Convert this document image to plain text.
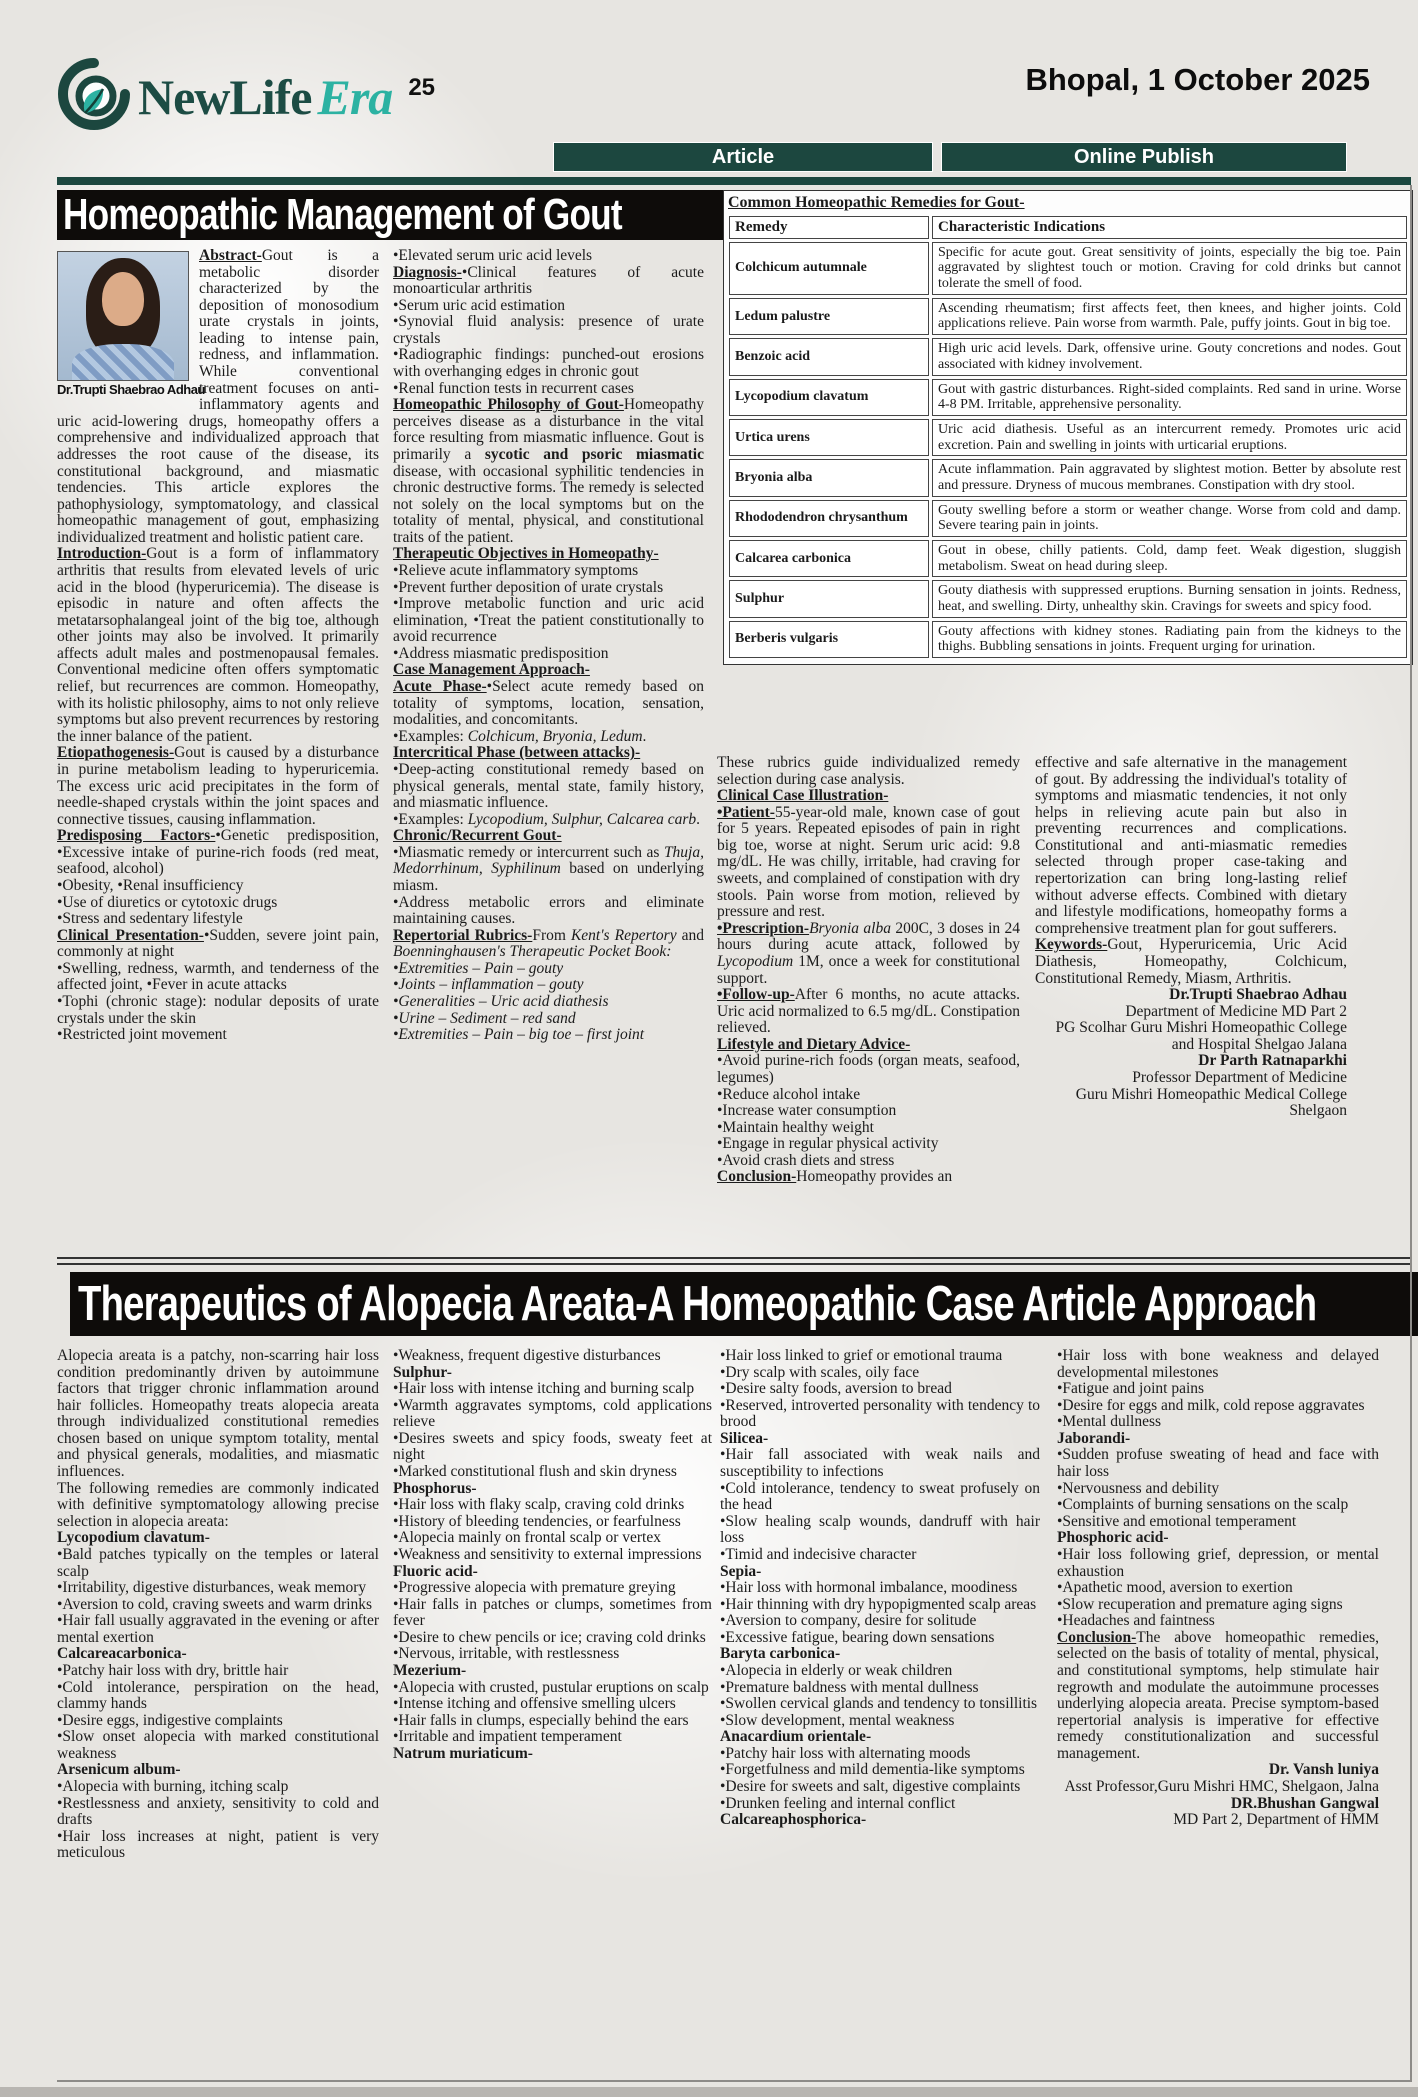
NewLife Era 25	Bhopal, 1 October 2025
Article	Online Publish
Homeopathic Management of Gout	Common Homeopathic Remedies for Gout-
Remedy	Characteristic Indications
Colchicum autumnale	Specific for acute gout. Great sensitivity of joints, especially the big toe. Pain aggravated by slightest touch or motion. Craving for cold drinks but cannot tolerate the smell of food.
Ledum palustre	Ascending rheumatism; first affects feet, then knees, and higher joints. Cold applications relieve. Pain worse from warmth. Pale, puffy joints. Gout in big toe.
Benzoic acid	High uric acid levels. Dark, offensive urine. Gouty concretions and nodes. Gout associated with kidney involvement.
Lycopodium clavatum	Gout with gastric disturbances. Right-sided complaints. Red sand in urine. Worse 4-8 PM. Irritable, apprehensive personality.
Urtica urens	Uric acid diathesis. Useful as an intercurrent remedy. Promotes uric acid excretion. Pain and swelling in joints with urticarial eruptions.
Bryonia alba	Acute inflammation. Pain aggravated by slightest motion. Better by absolute rest and pressure. Dryness of mucous membranes. Constipation with dry stool.
Rhododendron chrysanthum	Gouty swelling before a storm or weather change. Worse from cold and damp. Severe tearing pain in joints.
Calcarea carbonica	Gout in obese, chilly patients. Cold, damp feet. Weak digestion, sluggish metabolism. Sweat on head during sleep.
Sulphur	Gouty diathesis with suppressed eruptions. Burning sensation in joints. Redness, heat, and swelling. Dirty, unhealthy skin. Cravings for sweets and spicy food.
Berberis vulgaris	Gouty affections with kidney stones. Radiating pain from the kidneys to the thighs. Bubbling sensations in joints. Frequent urging for urination.
Dr.Trupti Shaebrao Adhau

Abstract-Gout is a metabolic disorder characterized by the deposition of monosodium urate crystals in joints, leading to intense pain, redness, and inflammation. While conventional treatment focuses on anti-inflammatory agents and uric acid-lowering drugs, homeopathy offers a comprehensive and individualized approach that addresses the root cause of the disease, its constitutional background, and miasmatic tendencies. This article explores the pathophysiology, symptomatology, and classical homeopathic management of gout, emphasizing individualized treatment and holistic patient care.

Introduction-Gout is a form of inflammatory arthritis that results from elevated levels of uric acid in the blood (hyperuricemia). The disease is episodic in nature and often affects the metatarsophalangeal joint of the big toe, although other joints may also be involved. It primarily affects adult males and postmenopausal females. Conventional medicine often offers symptomatic relief, but recurrences are common. Homeopathy, with its holistic philosophy, aims to not only relieve symptoms but also prevent recurrences by restoring the inner balance of the patient.

Etiopathogenesis-Gout is caused by a disturbance in purine metabolism leading to hyperuricemia. The excess uric acid precipitates in the form of needle-shaped crystals within the joint spaces and connective tissues, causing inflammation.

Predisposing Factors-•Genetic predisposition, •Excessive intake of purine-rich foods (red meat, seafood, alcohol)

•Obesity, •Renal insufficiency

•Use of diuretics or cytotoxic drugs

•Stress and sedentary lifestyle

Clinical Presentation-•Sudden, severe joint pain, commonly at night

•Swelling, redness, warmth, and tenderness of the affected joint, •Fever in acute attacks

•Tophi (chronic stage): nodular deposits of urate crystals under the skin

•Restricted joint movement

•Elevated serum uric acid levels

Diagnosis-•Clinical features of acute monoarticular arthritis

•Serum uric acid estimation

•Synovial fluid analysis: presence of urate crystals

•Radiographic findings: punched-out erosions with overhanging edges in chronic gout

•Renal function tests in recurrent cases

Homeopathic Philosophy of Gout-Homeopathy perceives disease as a disturbance in the vital force resulting from miasmatic influence. Gout is primarily a sycotic and psoric miasmatic disease, with occasional syphilitic tendencies in chronic destructive forms. The remedy is selected not solely on the local symptoms but on the totality of mental, physical, and constitutional traits of the patient.

Therapeutic Objectives in Homeopathy-

•Relieve acute inflammatory symptoms

•Prevent further deposition of urate crystals

•Improve metabolic function and uric acid elimination, •Treat the patient constitutionally to avoid recurrence

•Address miasmatic predisposition

Case Management Approach-

Acute Phase-•Select acute remedy based on totality of symptoms, location, sensation, modalities, and concomitants.

•Examples: Colchicum, Bryonia, Ledum.

Intercritical Phase (between attacks)-

•Deep-acting constitutional remedy based on physical generals, mental state, family history, and miasmatic influence.

•Examples: Lycopodium, Sulphur, Calcarea carb.

Chronic/Recurrent Gout-

•Miasmatic remedy or intercurrent such as Thuja, Medorrhinum, Syphilinum based on underlying miasm.

•Address metabolic errors and eliminate maintaining causes.

Repertorial Rubrics-From Kent's Repertory and Boenninghausen's Therapeutic Pocket Book:

•Extremities – Pain – gouty

•Joints – inflammation – gouty

•Generalities – Uric acid diathesis

•Urine – Sediment – red sand

•Extremities – Pain – big toe – first joint

These rubrics guide individualized remedy selection during case analysis.

Clinical Case Illustration-

•Patient-55-year-old male, known case of gout for 5 years. Repeated episodes of pain in right big toe, worse at night. Serum uric acid: 9.8 mg/dL. He was chilly, irritable, had craving for sweets, and complained of constipation with dry stools. Pain worse from motion, relieved by pressure and rest.

•Prescription-Bryonia alba 200C, 3 doses in 24 hours during acute attack, followed by Lycopodium 1M, once a week for constitutional support.

•Follow-up-After 6 months, no acute attacks. Uric acid normalized to 6.5 mg/dL. Constipation relieved.

Lifestyle and Dietary Advice-

•Avoid purine-rich foods (organ meats, seafood, legumes)

•Reduce alcohol intake

•Increase water consumption

•Maintain healthy weight

•Engage in regular physical activity

•Avoid crash diets and stress

Conclusion-Homeopathy provides an

effective and safe alternative in the management of gout. By addressing the individual's totality of symptoms and miasmatic tendencies, it not only helps in relieving acute pain but also in preventing recurrences and complications. Constitutional and anti-miasmatic remedies selected through proper case-taking and repertorization can bring long-lasting relief without adverse effects. Combined with dietary and lifestyle modifications, homeopathy forms a comprehensive treatment plan for gout sufferers.

Keywords-Gout, Hyperuricemia, Uric Acid Diathesis, Homeopathy, Colchicum, Constitutional Remedy, Miasm, Arthritis.

Dr.Trupti Shaebrao Adhau

Department of Medicine MD Part 2

PG Scolhar Guru Mishri Homeopathic College and Hospital Shelgao Jalana

Dr Parth Ratnaparkhi

Professor Department of Medicine

Guru Mishri Homeopathic Medical College Shelgaon

Therapeutics of Alopecia Areata-A Homeopathic Case Article Approach

Alopecia areata is a patchy, non-scarring hair loss condition predominantly driven by autoimmune factors that trigger chronic inflammation around hair follicles. Homeopathy treats alopecia areata through individualized constitutional remedies chosen based on unique symptom totality, mental and physical generals, modalities, and miasmatic influences.

The following remedies are commonly indicated with definitive symptomatology allowing precise selection in alopecia areata:

Lycopodium clavatum-

•Bald patches typically on the temples or lateral scalp

•Irritability, digestive disturbances, weak memory

•Aversion to cold, craving sweets and warm drinks

•Hair fall usually aggravated in the evening or after mental exertion

Calcareacarbonica-

•Patchy hair loss with dry, brittle hair

•Cold intolerance, perspiration on the head, clammy hands

•Desire eggs, indigestive complaints

•Slow onset alopecia with marked constitutional weakness

Arsenicum album-

•Alopecia with burning, itching scalp

•Restlessness and anxiety, sensitivity to cold and drafts

•Hair loss increases at night, patient is very meticulous

•Weakness, frequent digestive disturbances

Sulphur-

•Hair loss with intense itching and burning scalp

•Warmth aggravates symptoms, cold applications relieve

•Desires sweets and spicy foods, sweaty feet at night

•Marked constitutional flush and skin dryness

Phosphorus-

•Hair loss with flaky scalp, craving cold drinks

•History of bleeding tendencies, or fearfulness

•Alopecia mainly on frontal scalp or vertex

•Weakness and sensitivity to external impressions

Fluoric acid-

•Progressive alopecia with premature greying

•Hair falls in patches or clumps, sometimes from fever

•Desire to chew pencils or ice; craving cold drinks

•Nervous, irritable, with restlessness

Mezerium-

•Alopecia with crusted, pustular eruptions on scalp

•Intense itching and offensive smelling ulcers

•Hair falls in clumps, especially behind the ears

•Irritable and impatient temperament

Natrum muriaticum-

•Hair loss linked to grief or emotional trauma

•Dry scalp with scales, oily face

•Desire salty foods, aversion to bread

•Reserved, introverted personality with tendency to brood

Silicea-

•Hair fall associated with weak nails and susceptibility to infections

•Cold intolerance, tendency to sweat profusely on the head

•Slow healing scalp wounds, dandruff with hair loss

•Timid and indecisive character

Sepia-

•Hair loss with hormonal imbalance, moodiness

•Hair thinning with dry hypopigmented scalp areas

•Aversion to company, desire for solitude

•Excessive fatigue, bearing down sensations

Baryta carbonica-

•Alopecia in elderly or weak children

•Premature baldness with mental dullness

•Swollen cervical glands and tendency to tonsillitis

•Slow development, mental weakness

Anacardium orientale-

•Patchy hair loss with alternating moods

•Forgetfulness and mild dementia-like symptoms

•Desire for sweets and salt, digestive complaints

•Drunken feeling and internal conflict

Calcareaphosphorica-

•Hair loss with bone weakness and delayed developmental milestones

•Fatigue and joint pains

•Desire for eggs and milk, cold repose aggravates

•Mental dullness

Jaborandi-

•Sudden profuse sweating of head and face with hair loss

•Nervousness and debility

•Complaints of burning sensations on the scalp

•Sensitive and emotional temperament

Phosphoric acid-

•Hair loss following grief, depression, or mental exhaustion

•Apathetic mood, aversion to exertion

•Slow recuperation and premature aging signs

•Headaches and faintness

Conclusion-The above homeopathic remedies, selected on the basis of totality of mental, physical, and constitutional symptoms, help stimulate hair regrowth and modulate the autoimmune processes underlying alopecia areata. Precise symptom-based repertorial analysis is imperative for effective remedy constitutionalization and successful management.

Dr. Vansh luniya

Asst Professor,Guru Mishri HMC, Shelgaon, Jalna

DR.Bhushan Gangwal

MD Part 2, Department of HMM
